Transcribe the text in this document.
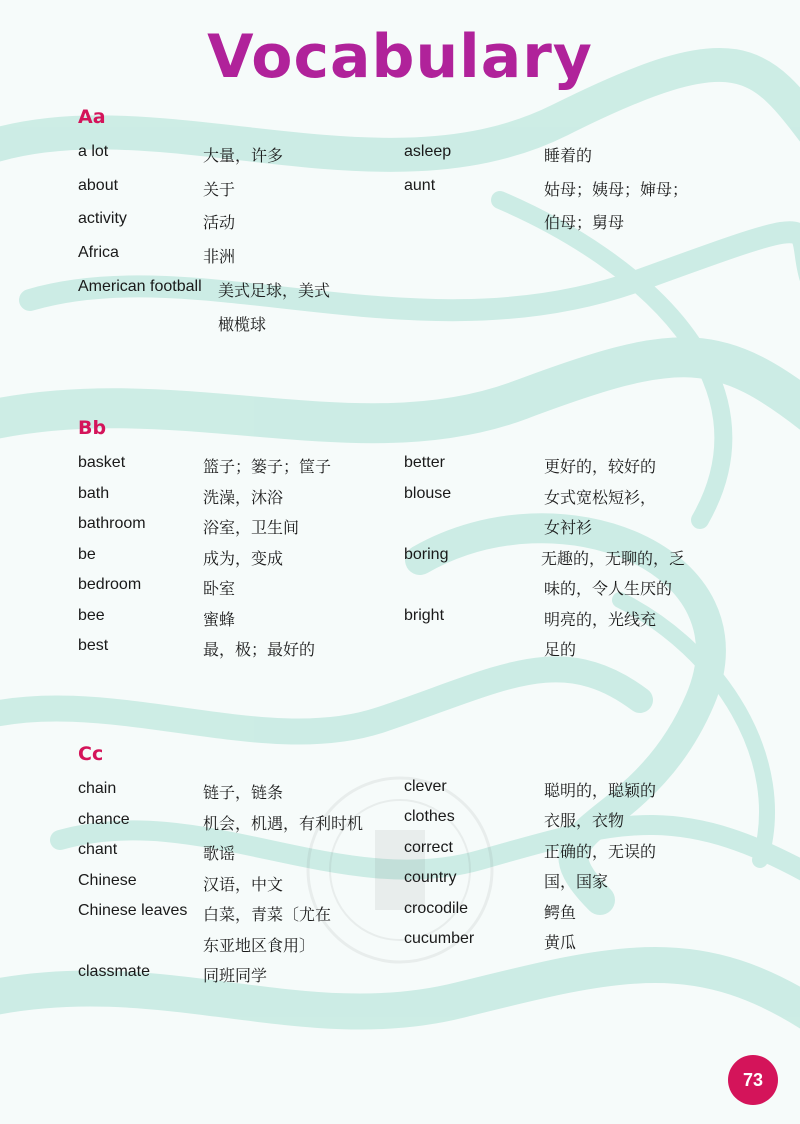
Vocabulary
Aa
a lot	大量，许多
about	关于
activity	活动
Africa	非洲
American football 美式足球，美式
橄榄球
asleep	睡着的
aunt	姑母；姨母；婶母；
伯母；舅母
Bb
basket	篮子；篓子；筐子
bath	洗澡，沐浴
bathroom	浴室，卫生间
be	成为，变成
bedroom	卧室
bee	蜜蜂
best	最，极；最好的
better	更好的，较好的
blouse	女式宽松短衫，
女衬衫
boring	无趣的，无聊的，乏
味的，令人生厌的
bright	明亮的，光线充
足的
Cc
chain	链子，链条
chance	机会，机遇，有利时机
chant	歌谣
Chinese	汉语，中文
Chinese leaves 白菜，青菜〔尤在
东亚地区食用〕
classmate	同班同学
clever	聪明的，聪颖的
clothes	衣服，衣物
correct	正确的，无误的
country	国，国家
crocodile	鳄鱼
cucumber	黄瓜
73
